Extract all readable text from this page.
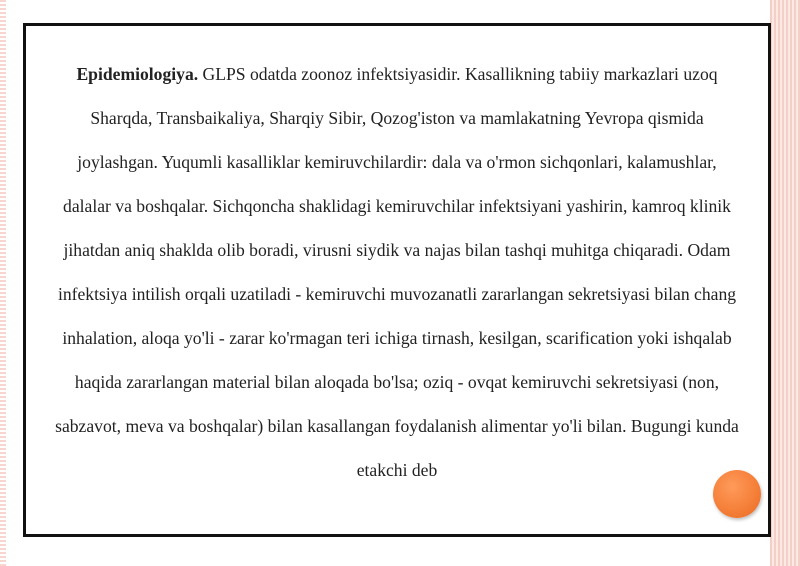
Epidemiologiya. GLPS odatda zoonoz infektsiyasidir. Kasallikning tabiiy markazlari uzoq Sharqda, Transbaikaliya, Sharqiy Sibir, Qozog'iston va mamlakatning Yevropa qismida joylashgan. Yuqumli kasalliklar kemiruvchilardir: dala va o'rmon sichqonlari, kalamushlar, dalalar va boshqalar. Sichqoncha shaklidagi kemiruvchilar infektsiyani yashirin, kamroq klinik jihatdan aniq shaklda olib boradi, virusni siydik va najas bilan tashqi muhitga chiqaradi. Odam infektsiya intilish orqali uzatiladi - kemiruvchi muvozanatli zararlangan sekretsiyasi bilan chang inhalation, aloqa yo'li - zarar ko'rmagan teri ichiga tirnash, kesilgan, scarification yoki ishqalab haqida zararlangan material bilan aloqada bo'lsa; oziq - ovqat kemiruvchi sekretsiyasi (non, sabzavot, meva va boshqalar) bilan kasallangan foydalanish alimentar yo'li bilan. Bugungi kunda etakchi deb
